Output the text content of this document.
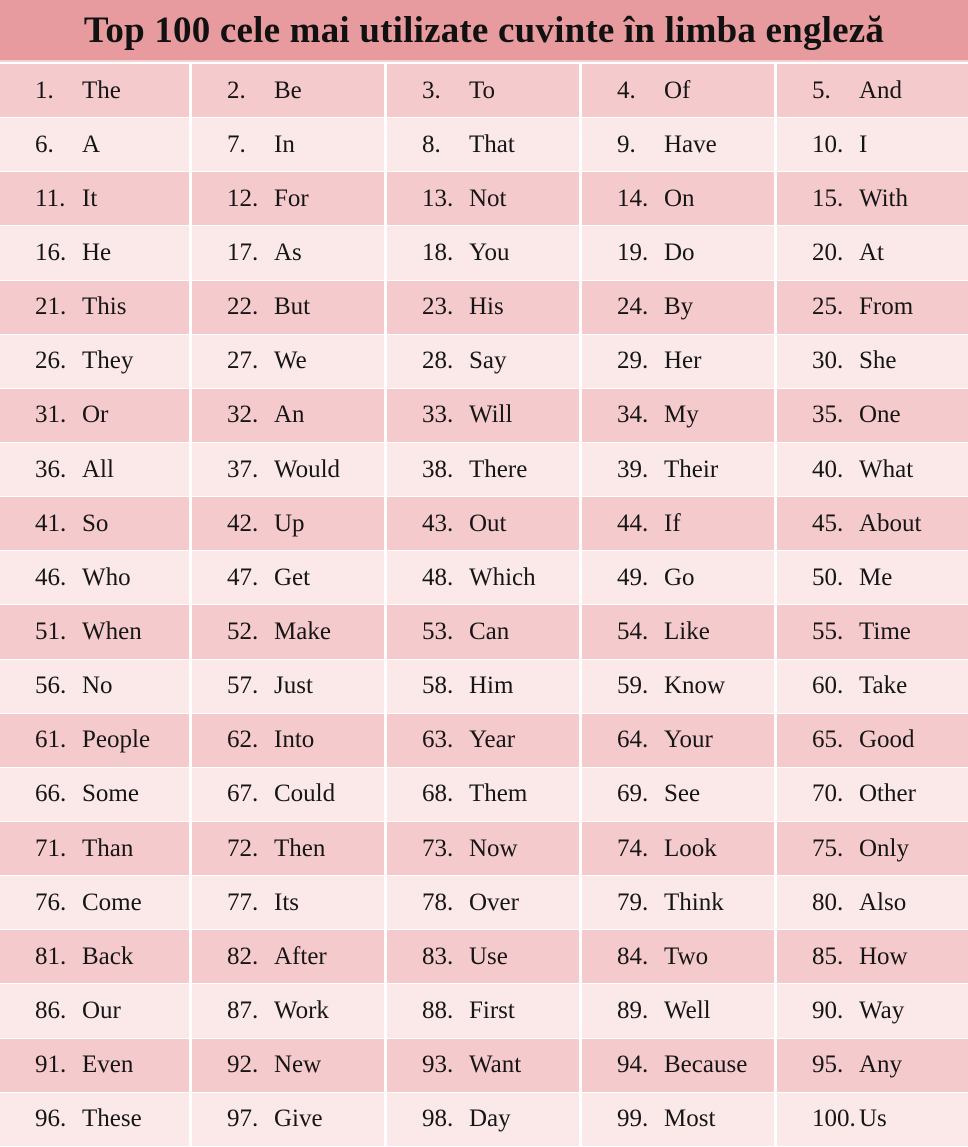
Top 100 cele mai utilizate cuvinte în limba engleză
1.	The	2.	Be	3.	To	4.	Of	5.	And
6.	A	7.	In	8.	That	9.	Have	10. I
11. It	12. For	13. Not	14. On	15. With
16. He	17. As	18. You	19. Do	20. At
21. This	22. But	23. His	24. By	25. From
26. They	27. We	28. Say	29. Her	30. She
31. Or	32. An	33. Will	34. My	35. One
36. All	37. Would	38. There	39. Their	40. What
41. So	42. Up	43. Out	44. If	45. About
46. Who	47. Get	48. Which	49. Go	50. Me
51. When	52. Make	53. Can	54. Like	55. Time
56. No	57. Just	58. Him	59. Know	60. Take
61. People	62. Into	63. Year	64. Your	65. Good
66. Some	67. Could	68. Them	69. See	70. Other
71. Than	72. Then	73. Now	74. Look	75. Only
76. Come	77. Its	78. Over	79. Think	80. Also
81. Back	82. After	83. Use	84. Two	85. How
86. Our	87. Work	88. First	89. Well	90. Way
91. Even	92. New	93. Want	94. Because	95. Any
96. These	97. Give	98. Day	99. Most	100. Us
